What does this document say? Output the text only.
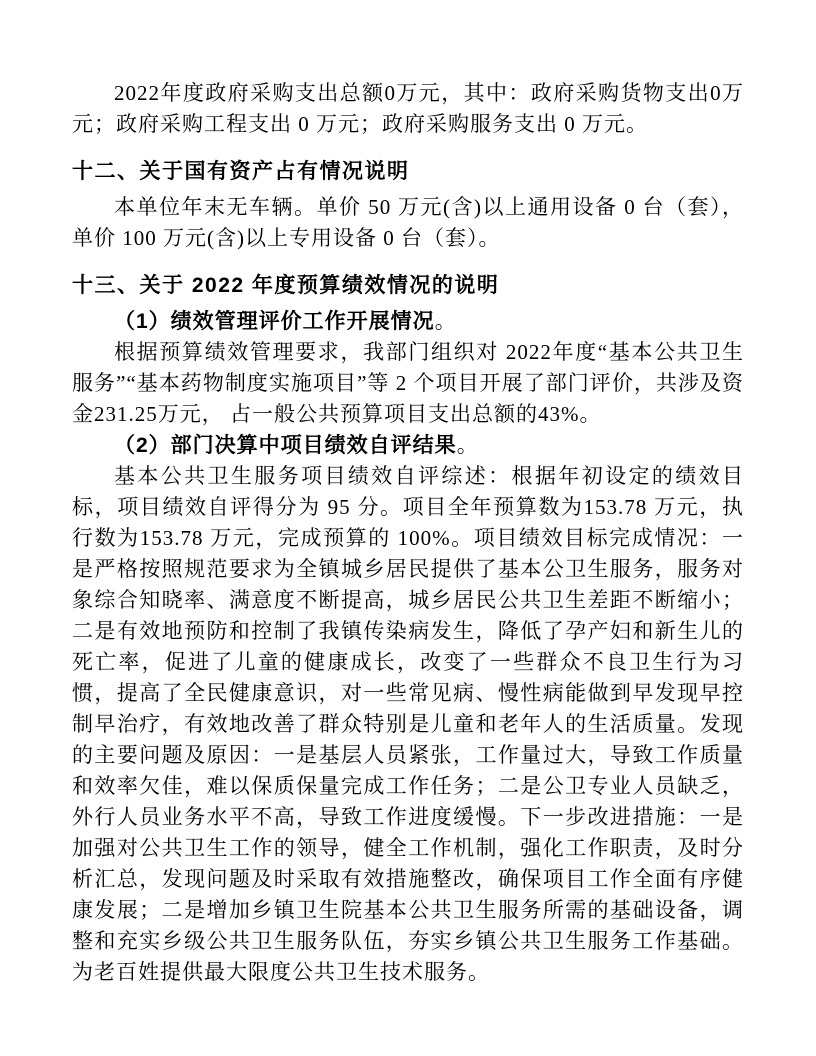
2022年度政府采购支出总额0万元，其中：政府采购货物支出0万元；政府采购工程支出 0 万元；政府采购服务支出 0 万元。

十二、关于国有资产占有情况说明

本单位年末无车辆。单价 50 万元(含)以上通用设备 0 台（套），单价 100 万元(含)以上专用设备 0 台（套）。

十三、关于 2022 年度预算绩效情况的说明

（1）绩效管理评价工作开展情况。

根据预算绩效管理要求，我部门组织对 2022年度“基本公共卫生服务”“基本药物制度实施项目”等 2 个项目开展了部门评价，共涉及资金231.25万元， 占一般公共预算项目支出总额的43%。

（2）部门决算中项目绩效自评结果。

基本公共卫生服务项目绩效自评综述：根据年初设定的绩效目标，项目绩效自评得分为 95 分。项目全年预算数为153.78 万元，执行数为153.78 万元，完成预算的 100%。项目绩效目标完成情况：一是严格按照规范要求为全镇城乡居民提供了基本公卫生服务，服务对象综合知晓率、满意度不断提高，城乡居民公共卫生差距不断缩小；二是有效地预防和控制了我镇传染病发生，降低了孕产妇和新生儿的死亡率，促进了儿童的健康成长，改变了一些群众不良卫生行为习惯，提高了全民健康意识，对一些常见病、慢性病能做到早发现早控制早治疗，有效地改善了群众特别是儿童和老年人的生活质量。发现的主要问题及原因：一是基层人员紧张，工作量过大，导致工作质量和效率欠佳，难以保质保量完成工作任务；二是公卫专业人员缺乏，外行人员业务水平不高，导致工作进度缓慢。下一步改进措施：一是加强对公共卫生工作的领导，健全工作机制，强化工作职责，及时分析汇总，发现问题及时采取有效措施整改，确保项目工作全面有序健康发展；二是增加乡镇卫生院基本公共卫生服务所需的基础设备，调整和充实乡级公共卫生服务队伍，夯实乡镇公共卫生服务工作基础。为老百姓提供最大限度公共卫生技术服务。
